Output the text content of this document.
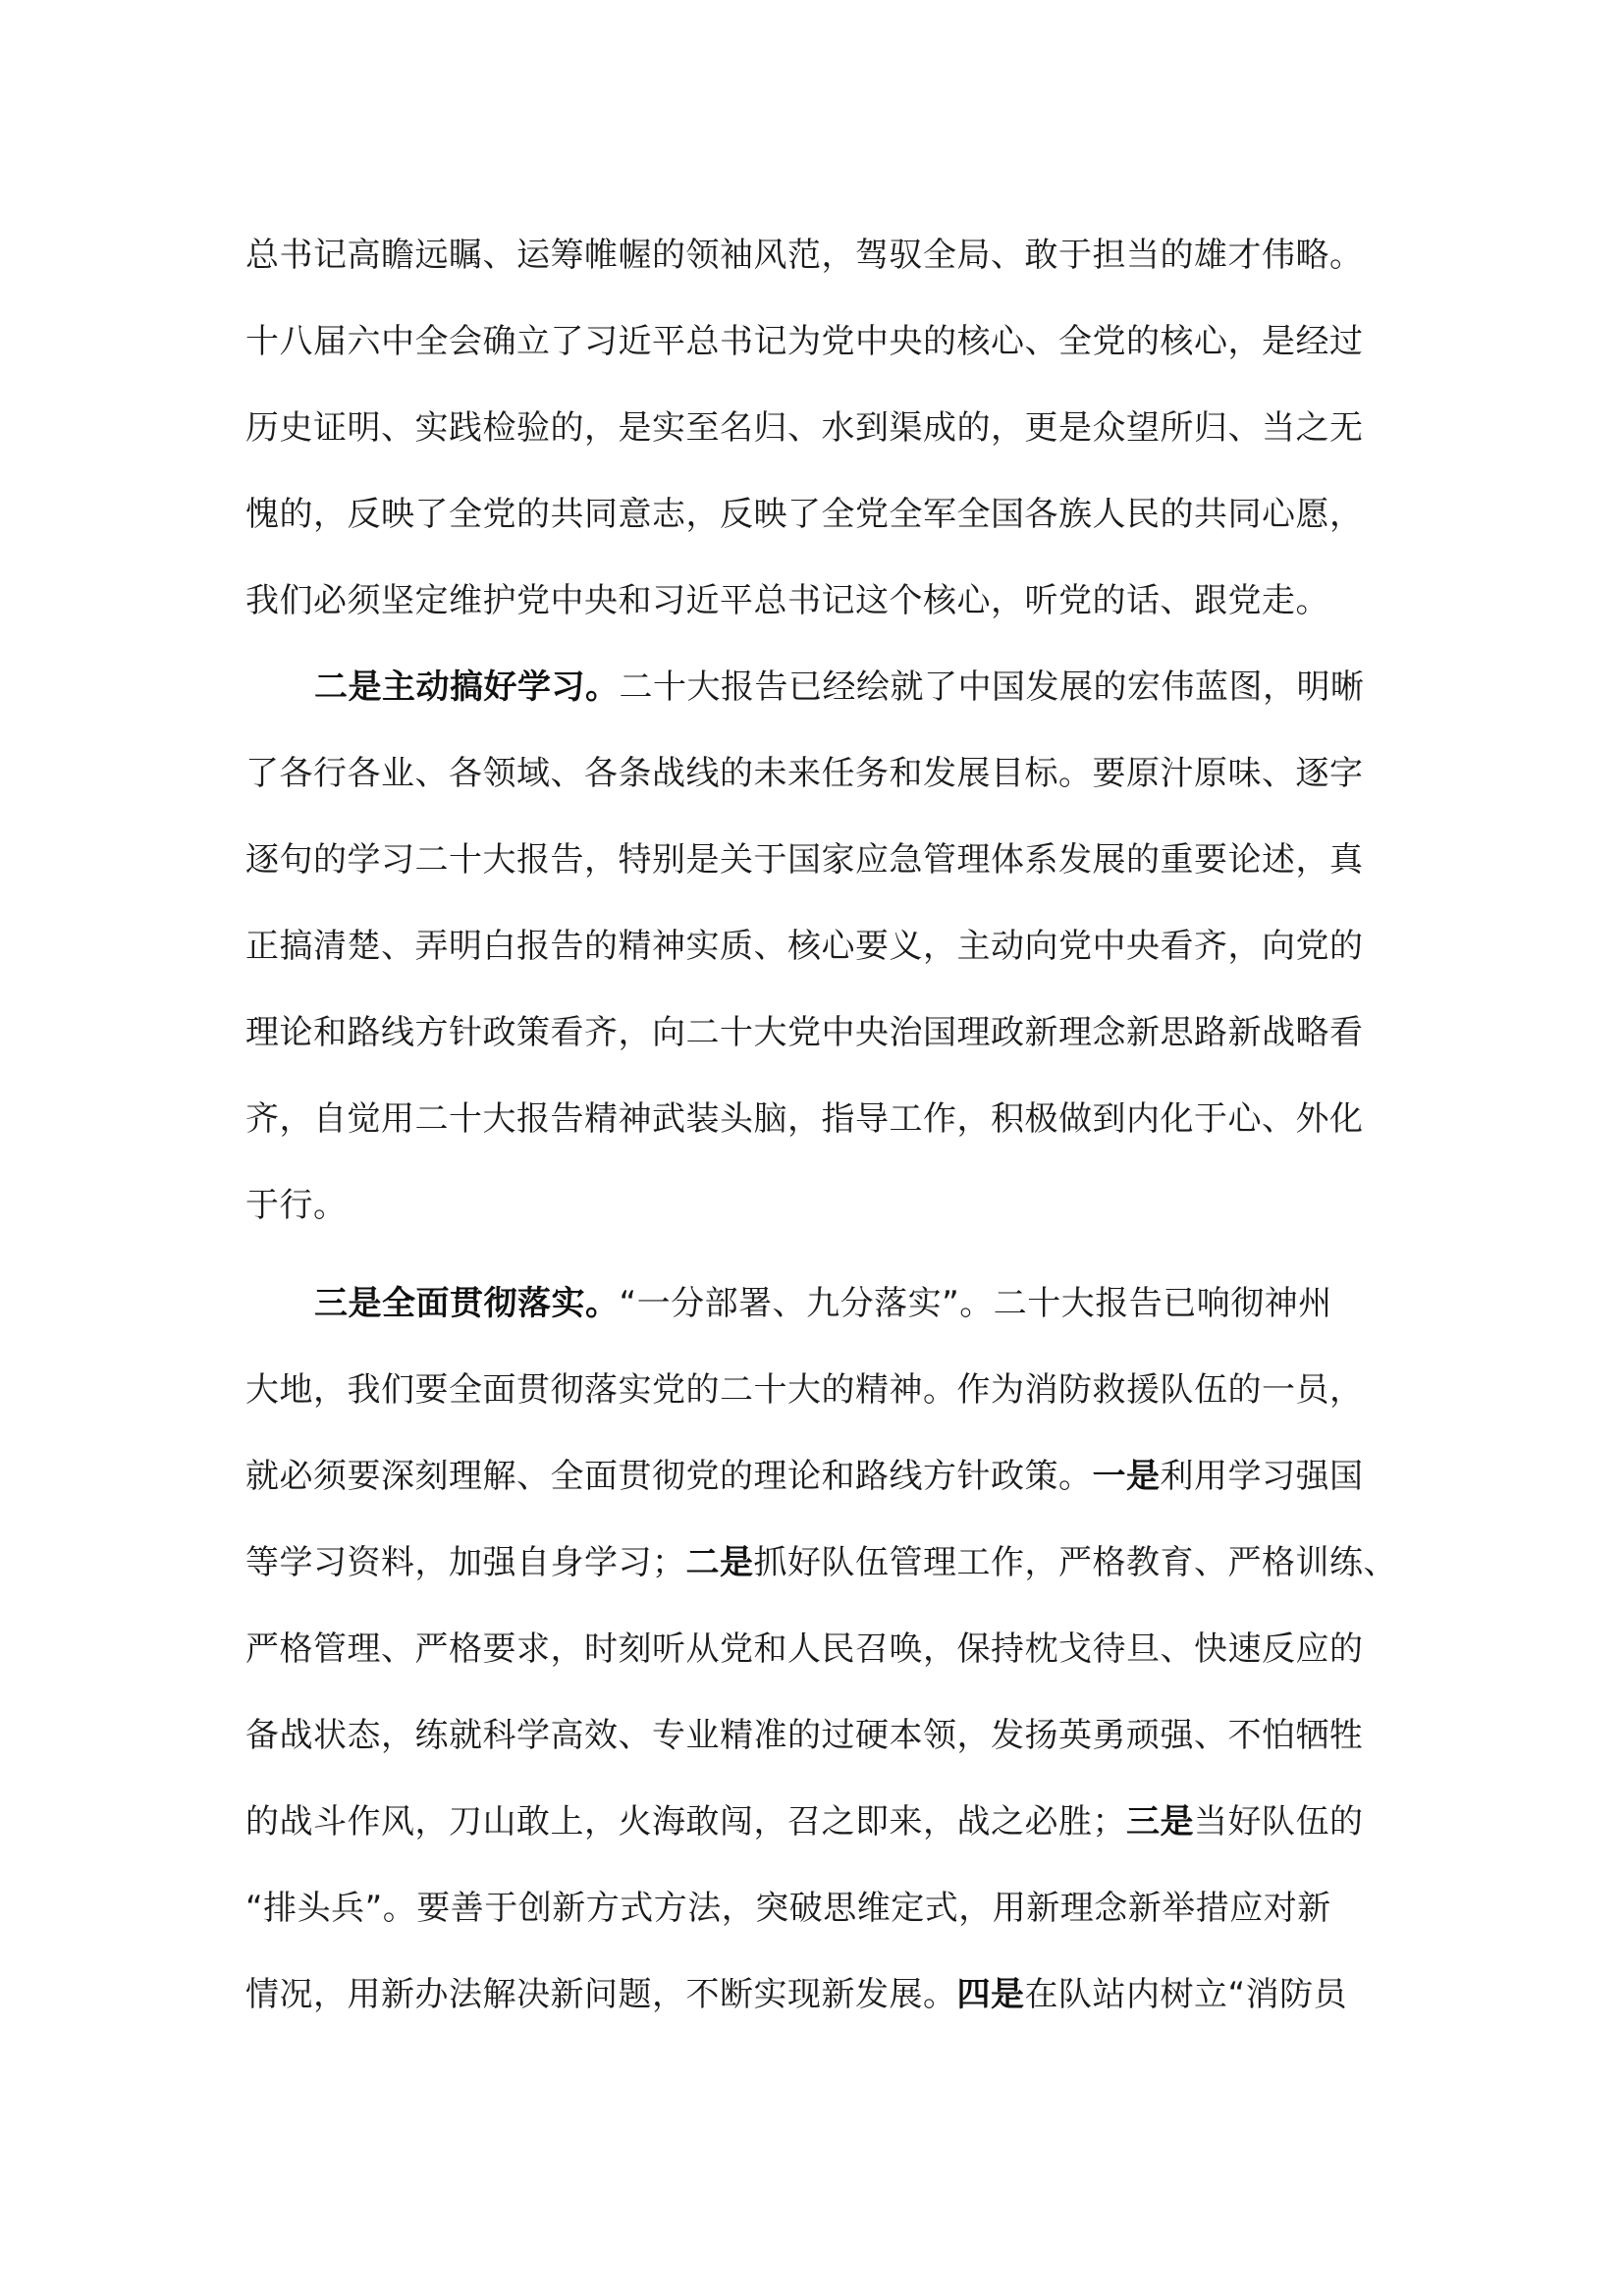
总书记高瞻远瞩、运筹帷幄的领袖风范，驾驭全局、敢于担当的雄才伟略。
十八届六中全会确立了习近平总书记为党中央的核心、全党的核心，是经过
历史证明、实践检验的，是实至名归、水到渠成的，更是众望所归、当之无
愧的，反映了全党的共同意志，反映了全党全军全国各族人民的共同心愿，
我们必须坚定维护党中央和习近平总书记这个核心，听党的话、跟党走。
二是主动搞好学习。二十大报告已经绘就了中国发展的宏伟蓝图，明晰
了各行各业、各领域、各条战线的未来任务和发展目标。要原汁原味、逐字
逐句的学习二十大报告，特别是关于国家应急管理体系发展的重要论述，真
正搞清楚、弄明白报告的精神实质、核心要义，主动向党中央看齐，向党的
理论和路线方针政策看齐，向二十大党中央治国理政新理念新思路新战略看
齐，自觉用二十大报告精神武装头脑，指导工作，积极做到内化于心、外化
于行。
三是全面贯彻落实。“一分部署、九分落实”。二十大报告已响彻神州
大地，我们要全面贯彻落实党的二十大的精神。作为消防救援队伍的一员，
就必须要深刻理解、全面贯彻党的理论和路线方针政策。一是利用学习强国
等学习资料，加强自身学习；二是抓好队伍管理工作，严格教育、严格训练、
严格管理、严格要求，时刻听从党和人民召唤，保持枕戈待旦、快速反应的
备战状态，练就科学高效、专业精准的过硬本领，发扬英勇顽强、不怕牺牲
的战斗作风，刀山敢上，火海敢闯，召之即来，战之必胜；三是当好队伍的
“排头兵”。要善于创新方式方法，突破思维定式，用新理念新举措应对新
情况，用新办法解决新问题，不断实现新发展。四是在队站内树立“消防员
